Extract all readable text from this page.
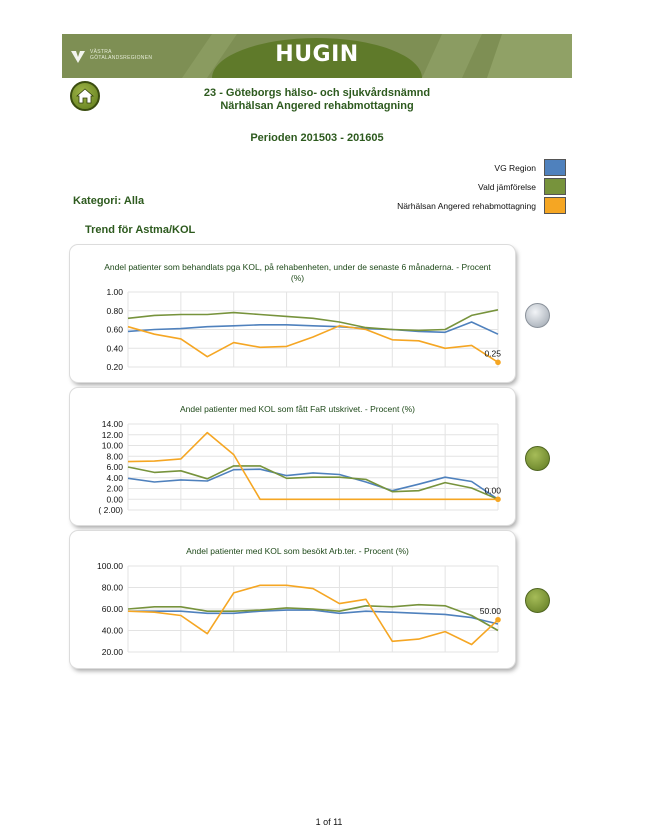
VÄSTRA GÖTALANDSREGIONEN	HUGIN
23 - Göteborgs hälso- och sjukvårdsnämnd
Närhälsan Angered rehabmottagning
Perioden 201503 - 201605
VG Region
Vald jämförelse
Närhälsan Angered rehabmottagning
Kategori: Alla
Trend för Astma/KOL
Andel patienter som behandlats pga KOL, på rehabenheten, under de senaste 6 månaderna. - Procent (%)
1.00
0.80
0.60
0.40
0.20
0.25
Andel patienter med KOL som fått FaR utskrivet. - Procent (%)
14.00
12.00
10.00
8.00
6.00
4.00
2.00
0.00
( 2.00)
0.00
Andel patienter med KOL som besökt Arb.ter. - Procent (%)
100.00
80.00
60.00
40.00
20.00
50.00
1 of 11
